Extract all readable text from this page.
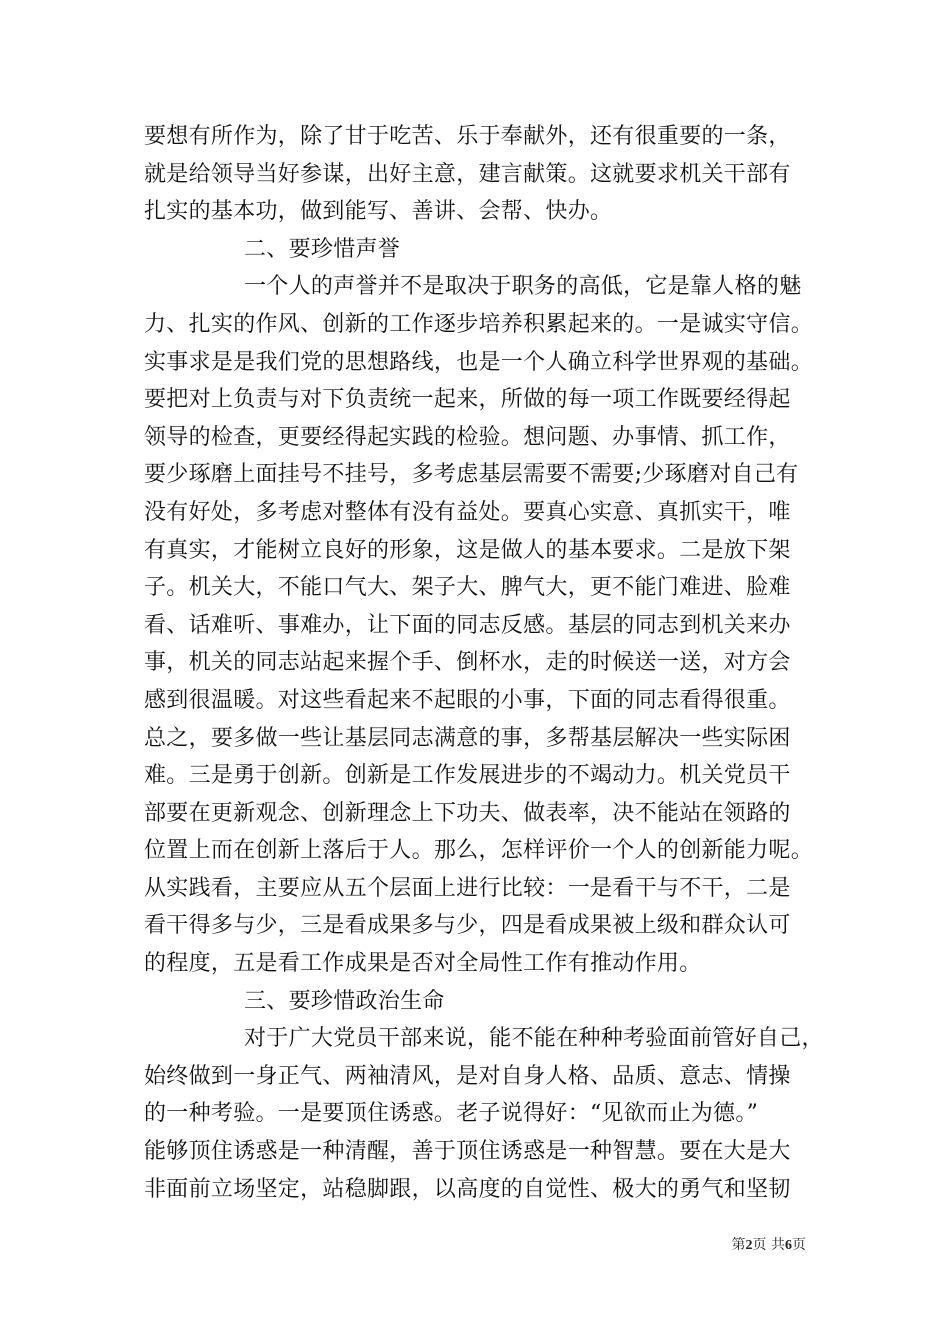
要想有所作为，除了甘于吃苦、乐于奉献外，还有很重要的一条，
就是给领导当好参谋，出好主意，建言献策。这就要求机关干部有
扎实的基本功，做到能写、善讲、会帮、快办。
二、要珍惜声誉
一个人的声誉并不是取决于职务的高低，它是靠人格的魅
力、扎实的作风、创新的工作逐步培养积累起来的。一是诚实守信。
实事求是是我们党的思想路线，也是一个人确立科学世界观的基础。
要把对上负责与对下负责统一起来，所做的每一项工作既要经得起
领导的检查，更要经得起实践的检验。想问题、办事情、抓工作，
要少琢磨上面挂号不挂号，多考虑基层需要不需要;少琢磨对自己有
没有好处，多考虑对整体有没有益处。要真心实意、真抓实干，唯
有真实，才能树立良好的形象，这是做人的基本要求。二是放下架
子。机关大，不能口气大、架子大、脾气大，更不能门难进、脸难
看、话难听、事难办，让下面的同志反感。基层的同志到机关来办
事，机关的同志站起来握个手、倒杯水，走的时候送一送，对方会
感到很温暖。对这些看起来不起眼的小事，下面的同志看得很重。
总之，要多做一些让基层同志满意的事，多帮基层解决一些实际困
难。三是勇于创新。创新是工作发展进步的不竭动力。机关党员干
部要在更新观念、创新理念上下功夫、做表率，决不能站在领路的
位置上而在创新上落后于人。那么，怎样评价一个人的创新能力呢。
从实践看，主要应从五个层面上进行比较：一是看干与不干，二是
看干得多与少，三是看成果多与少，四是看成果被上级和群众认可
的程度，五是看工作成果是否对全局性工作有推动作用。
三、要珍惜政治生命
对于广大党员干部来说，能不能在种种考验面前管好自己，
始终做到一身正气、两袖清风，是对自身人格、品质、意志、情操
的一种考验。一是要顶住诱惑。老子说得好：“见欲而止为德。”
能够顶住诱惑是一种清醒，善于顶住诱惑是一种智慧。要在大是大
非面前立场坚定，站稳脚跟，以高度的自觉性、极大的勇气和坚韧
第2页 共6页
